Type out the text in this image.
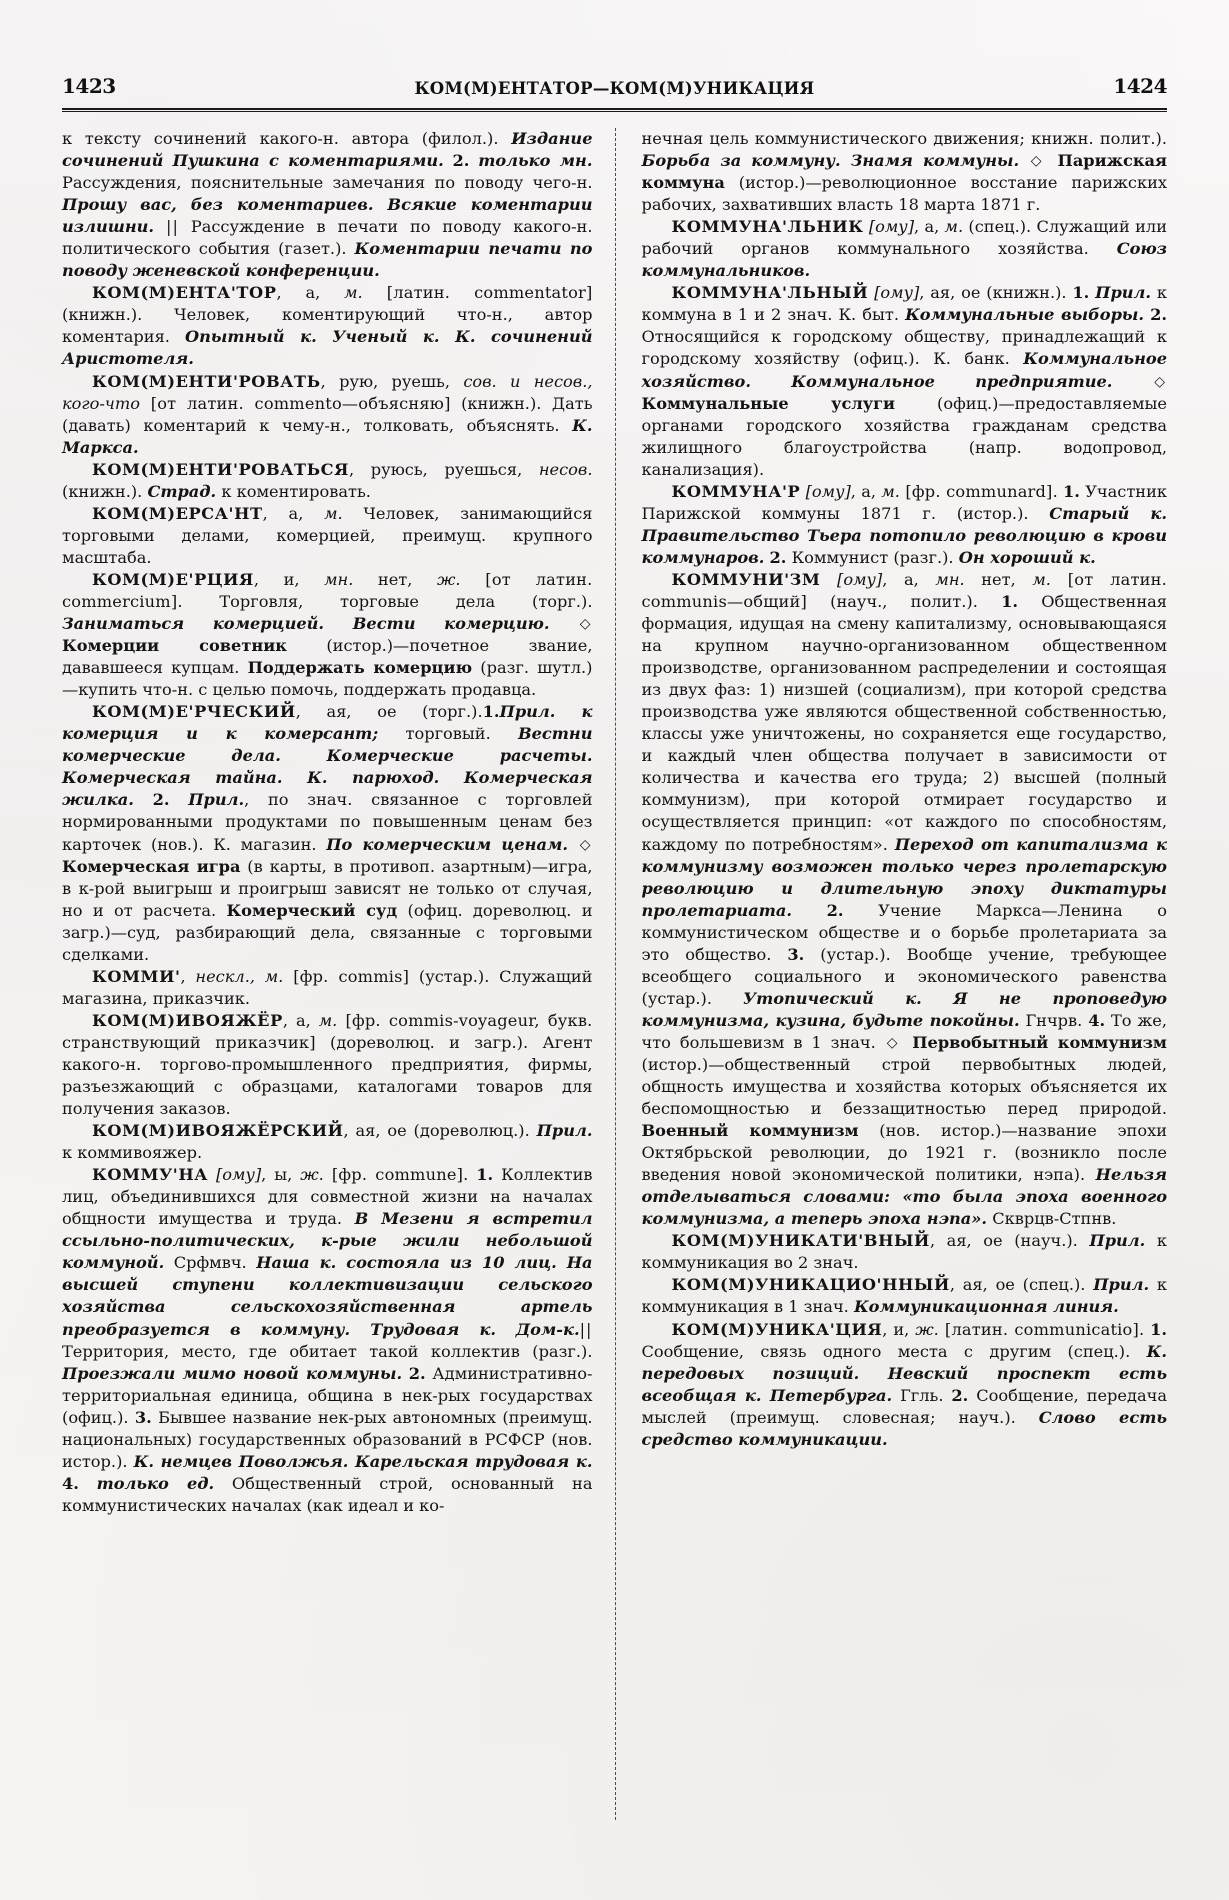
1423	КОМ(М)ЕНТАТОР—КОМ(М)УНИКАЦИЯ	1424

к тексту сочинений какого-н. автора (филол.). Издание сочинений Пушкина с коментариями. 2. только мн. Рассуждения, пояснительные замечания по поводу чего-н. Прошу вас, без коментариев. Всякие коментарии излишни. || Рассуждение в печати по поводу какого-н. политического события (газет.). Коментарии печати по поводу женевской конференции.

КОМ(М)ЕНТА'ТОР, а, м. [латин. commentator] (книжн.). Человек, коментирующий что-н., автор коментария. Опытный к. Ученый к. К. сочинений Аристотеля.

КОМ(М)ЕНТИ'РОВАТЬ, рую, руешь, сов. и несов., кого-что [от латин. commento—объясняю] (книжн.). Дать (давать) коментарий к чему-н., толковать, объяснять. К. Маркса.

КОМ(М)ЕНТИ'РОВАТЬСЯ, руюсь, руешься, несов. (книжн.). Страд. к коментировать.

КОМ(М)ЕРСА'НТ, а, м. Человек, занимающийся торговыми делами, комерцией, преимущ. крупного масштаба.

КОМ(М)Е'РЦИЯ, и, мн. нет, ж. [от латин. commercium]. Торговля, торговые дела (торг.). Заниматься комерцией. Вести комерцию. ◇ Комерции советник (истор.)—почетное звание, дававшееся купцам. Поддержать комерцию (разг. шутл.)—купить что-н. с целью помочь, поддержать продавца.

КОМ(М)Е'РЧЕСКИЙ, ая, ое (торг.).1.Прил. к комерция и к комерсант; торговый. Вестни комерческие дела. Комерческие расчеты. Комерческая тайна. К. парюход. Комерческая жилка. 2. Прил., по знач. связанное с торговлей нормированными продуктами по повышенным ценам без карточек (нов.). К. магазин. По комерческим ценам. ◇ Комерческая игра (в карты, в противоп. азартным)—игра, в к-рой выигрыш и проигрыш зависят не только от случая, но и от расчета. Комерческий суд (офиц. дореволюц. и загр.)—суд, разбирающий дела, связанные с торговыми сделками.

КОММИ', нескл., м. [фр. commis] (устар.). Служащий магазина, приказчик.

КОМ(М)ИВОЯЖЁР, а, м. [фр. commis-voyageur, букв. странствующий приказчик] (дореволюц. и загр.). Агент какого-н. торгово-промышленного предприятия, фирмы, разъезжающий с образцами, каталогами товаров для получения заказов.

КОМ(М)ИВОЯЖЁРСКИЙ, ая, ое (дореволюц.). Прил. к коммивояжер.

КОММУ'НА [ому], ы, ж. [фр. commune]. 1. Коллектив лиц, объединившихся для совместной жизни на началах общности имущества и труда. В Мезени я встретил ссыльно-политических, к-рые жили небольшой коммуной. Срфмвч. Наша к. состояла из 10 лиц. На высшей ступени коллективизации сельского хозяйства сельскохозяйственная артель преобразуется в коммуну. Трудовая к. Дом-к.|| Территория, место, где обитает такой коллектив (разг.). Проезжали мимо новой коммуны. 2. Административно-территориальная единица, община в нек-рых государствах (офиц.). 3. Бывшее название нек-рых автономных (преимущ. национальных) государственных образований в РСФСР (нов. истор.). К. немцев Поволжья. Карельская трудовая к. 4. только ед. Общественный строй, основанный на коммунистических началах (как идеал и ко-

нечная цель коммунистического движения; книжн. полит.). Борьба за коммуну. Знамя коммуны. ◇ Парижская коммуна (истор.)—революционное восстание парижских рабочих, захвативших власть 18 марта 1871 г.

КОММУНА'ЛЬНИК [ому], а, м. (спец.). Служащий или рабочий органов коммунального хозяйства. Союз коммунальников.

КОММУНА'ЛЬНЫЙ [ому], ая, ое (книжн.). 1. Прил. к коммуна в 1 и 2 знач. К. быт. Коммунальные выборы. 2. Относящийся к городскому обществу, принадлежащий к городскому хозяйству (офиц.). К. банк. Коммунальное хозяйство. Коммунальное предприятие.	◇ Коммунальные услуги (офиц.)—предоставляемые органами городского хозяйства гражданам средства жилищного благоустройства (напр. водопровод, канализация).

КОММУНА'Р [ому], а, м. [фр. communard]. 1. Участник Парижской коммуны 1871 г. (истор.). Старый к. Правительство Тьера потопило революцию в крови коммунаров. 2. Коммунист (разг.). Он хороший к.

КОММУНИ'ЗМ [ому], а, мн. нет, м. [от латин. communis—общий] (науч., полит.). 1. Общественная формация, идущая на смену капитализму, основывающаяся на крупном научно-организованном общественном производстве, организованном распределении и состоящая из двух фаз: 1) низшей (социализм), при которой средства производства уже являются общественной собственностью, классы уже уничтожены, но сохраняется еще государство, и каждый член общества получает в зависимости от количества и качества его труда; 2) высшей (полный коммунизм), при которой отмирает государство и осуществляется принцип: «от каждого по способностям, каждому по потребностям». Переход от капитализма к коммунизму возможен только через пролетарскую революцию и длительную эпоху диктатуры пролетариата. 2. Учение Маркса—Ленина о коммунистическом обществе и о борьбе пролетариата за это общество. 3. (устар.). Вообще учение, требующее всеобщего социального и экономического равенства (устар.). Утопический к. Я не проповедую коммунизма, кузина, будьте покойны. Гнчрв. 4. То же, что большевизм в 1 знач. ◇ Первобытный коммунизм (истор.)—общественный строй первобытных людей, общность имущества и хозяйства которых объясняется их беспомощностью и беззащитностью перед природой. Военный коммунизм (нов. истор.)—название эпохи Октябрьской революции, до 1921 г. (возникло после введения новой экономической политики, нэпа). Нельзя отделываться словами: «то была эпоха военного коммунизма, а теперь эпоха нэпа». Скврцв-Стпнв.

КОМ(М)УНИКАТИ'ВНЫЙ, ая, ое (науч.). Прил. к коммуникация во 2 знач.

КОМ(М)УНИКАЦИО'ННЫЙ, ая, ое (спец.). Прил. к коммуникация в 1 знач. Коммуникационная линия.

КОМ(М)УНИКА'ЦИЯ, и, ж. [латин. communicatio]. 1. Сообщение, связь одного места с другим (спец.). К. передовых позиций. Невский проспект есть всеобщая к. Петербурга. Ггль. 2. Сообщение, передача мыслей (преимущ. словесная; науч.). Слово есть средство коммуникации.
